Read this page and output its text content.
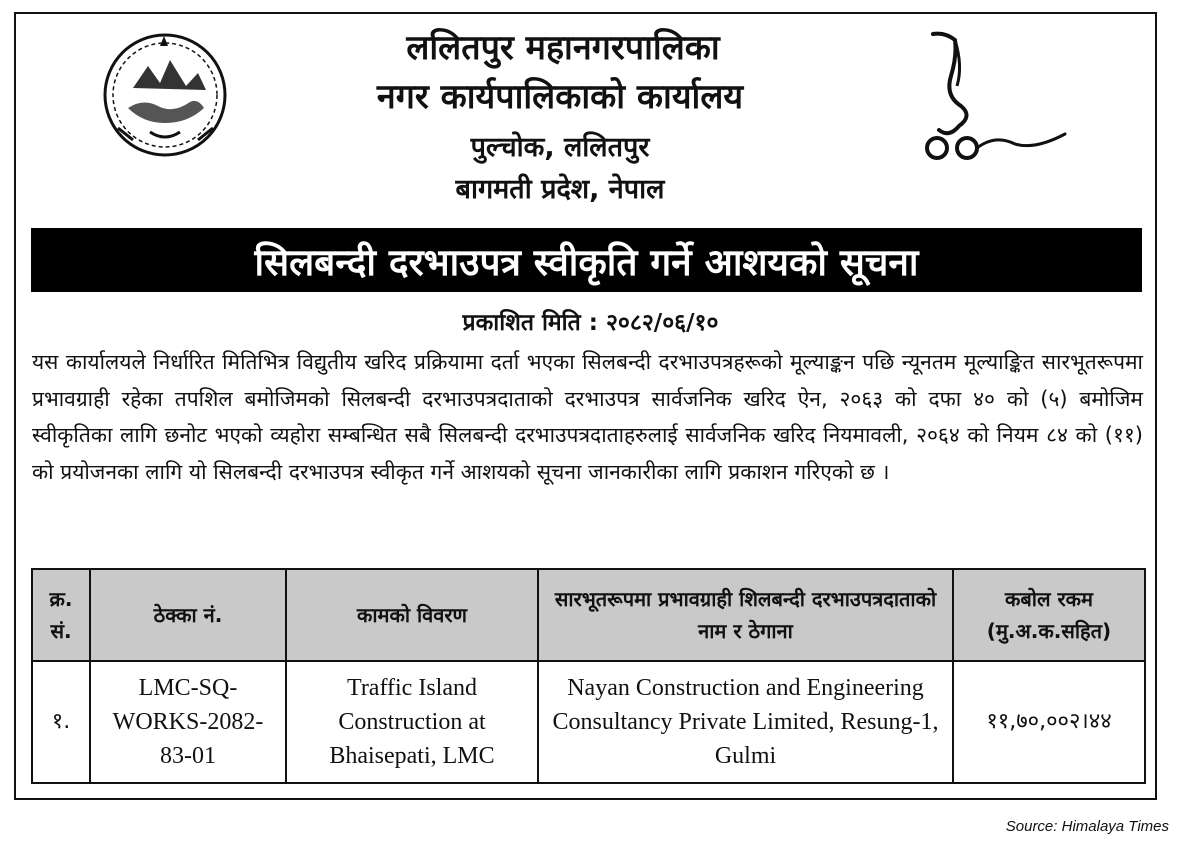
ललितपुर महानगरपालिका
नगर कार्यपालिकाको कार्यालय
पुल्चोक, ललितपुर
बागमती प्रदेश, नेपाल
सिलबन्दी दरभाउपत्र स्वीकृति गर्ने आशयको सूचना
प्रकाशित मिति : २०८२/०६/१०
यस कार्यालयले निर्धारित मितिभित्र विद्युतीय खरिद प्रक्रियामा दर्ता भएका सिलबन्दी दरभाउपत्रहरूको मूल्याङ्कन पछि न्यूनतम मूल्याङ्कित सारभूतरूपमा प्रभावग्राही रहेका तपशिल बमोजिमको सिलबन्दी दरभाउपत्रदाताको दरभाउपत्र सार्वजनिक खरिद ऐन, २०६३ को दफा ४० को (५) बमोजिम स्वीकृतिका लागि छनोट भएको व्यहोरा सम्बन्धित सबै सिलबन्दी दरभाउपत्रदाताहरुलाई सार्वजनिक खरिद नियमावली, २०६४ को नियम ८४ को (११) को प्रयोजनका लागि यो सिलबन्दी दरभाउपत्र स्वीकृत गर्ने आशयको सूचना जानकारीका लागि प्रकाशन गरिएको छ ।
क्र. सं.	ठेक्का नं.	कामको विवरण	सारभूतरूपमा प्रभावग्राही शिलबन्दी दरभाउपत्रदाताको नाम र ठेगाना	कबोल रकम (मु.अ.क.सहित)
१.	LMC-SQ-WORKS-2082-83-01	Traffic Island Construction at Bhaisepati, LMC	Nayan Construction and Engineering Consultancy Private Limited, Resung-1, Gulmi	११,७०,००२।४४
Source: Himalaya Times
